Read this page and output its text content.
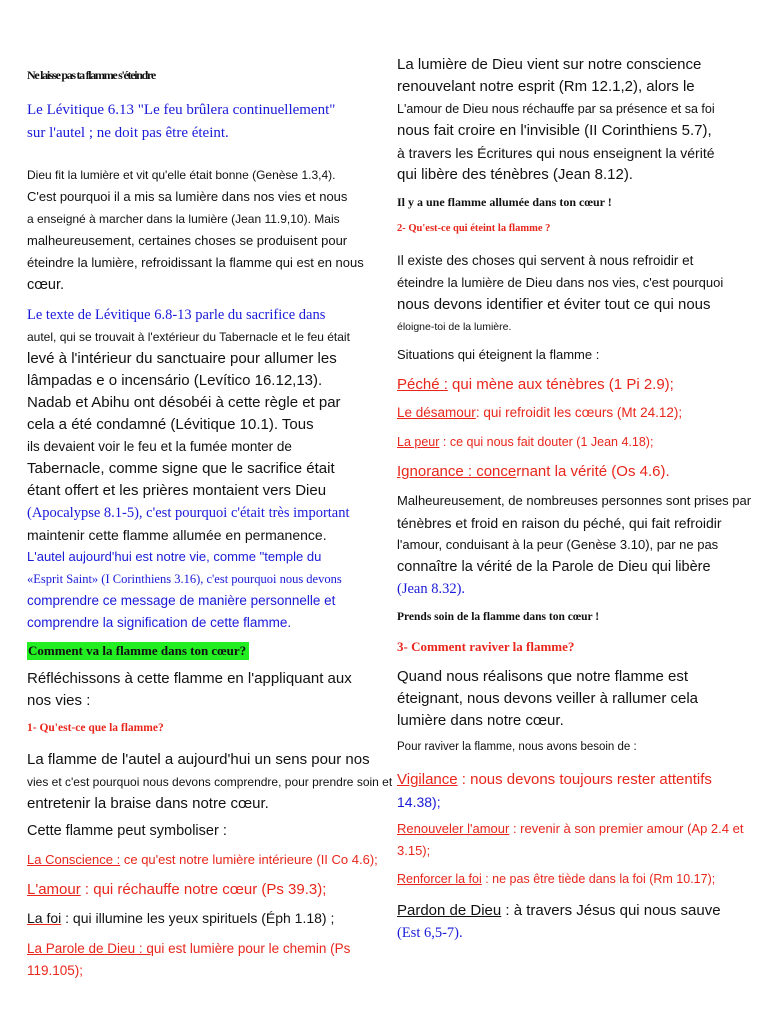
Ne laisse pas ta flamme s'éteindre
Le Lévitique 6.13 "Le feu brûlera continuellement"
sur l'autel ; ne doit pas être éteint.
Dieu fit la lumière et vit qu'elle était bonne (Genèse 1.3,4).
C'est pourquoi il a mis sa lumière dans nos vies et nous
a enseigné à marcher dans la lumière (Jean 11.9,10). Mais
malheureusement, certaines choses se produisent pour
éteindre la lumière, refroidissant la flamme qui est en nous
cœur.
Le texte de Lévitique 6.8-13 parle du sacrifice dans
autel, qui se trouvait à l'extérieur du Tabernacle et le feu était
levé à l'intérieur du sanctuaire pour allumer les
lâmpadas e o incensário (Levítico 16.12,13).
Nadab et Abihu ont désobéi à cette règle et par
cela a été condamné (Lévitique 10.1). Tous
ils devaient voir le feu et la fumée monter de
Tabernacle, comme signe que le sacrifice était
étant offert et les prières montaient vers Dieu
(Apocalypse 8.1-5), c'est pourquoi c'était très important
maintenir cette flamme allumée en permanence.
L'autel aujourd'hui est notre vie, comme "temple du
«Esprit Saint» (I Corinthiens 3.16), c'est pourquoi nous devons
comprendre ce message de manière personnelle et
comprendre la signification de cette flamme.
Comment va la flamme dans ton cœur?
Réfléchissons à cette flamme en l'appliquant aux
nos vies :
1- Qu'est-ce que la flamme?
La flamme de l'autel a aujourd'hui un sens pour nos
vies et c'est pourquoi nous devons comprendre, pour prendre soin et
entretenir la braise dans notre cœur.
Cette flamme peut symboliser :
La Conscience : ce qu'est notre lumière intérieure (II Co 4.6);
L'amour : qui réchauffe notre cœur (Ps 39.3);
La foi : qui illumine les yeux spirituels (Éph 1.18) ;
La Parole de Dieu : qui est lumière pour le chemin (Ps
119.105);
La lumière de Dieu vient sur notre conscience
renouvelant notre esprit (Rm 12.1,2), alors le
L'amour de Dieu nous réchauffe par sa présence et sa foi
nous fait croire en l'invisible (II Corinthiens 5.7),
à travers les Écritures qui nous enseignent la vérité
qui libère des ténèbres (Jean 8.12).
Il y a une flamme allumée dans ton cœur !
2- Qu'est-ce qui éteint la flamme ?
Il existe des choses qui servent à nous refroidir et
éteindre la lumière de Dieu dans nos vies, c'est pourquoi
nous devons identifier et éviter tout ce qui nous
éloigne-toi de la lumière.
Situations qui éteignent la flamme :
Péché : qui mène aux ténèbres (1 Pi 2.9);
Le désamour: qui refroidit les cœurs (Mt 24.12);
La peur : ce qui nous fait douter (1 Jean 4.18);
Ignorance : concernant la vérité (Os 4.6).
Malheureusement, de nombreuses personnes sont prises par
ténèbres et froid en raison du péché, qui fait refroidir
l'amour, conduisant à la peur (Genèse 3.10), par ne pas
connaître la vérité de la Parole de Dieu qui libère
(Jean 8.32).
Prends soin de la flamme dans ton cœur !
3- Comment raviver la flamme?
Quand nous réalisons que notre flamme est
éteignant, nous devons veiller à rallumer cela
lumière dans notre cœur.
Pour raviver la flamme, nous avons besoin de :
Vigilance : nous devons toujours rester attentifs
14.38);
Renouveler l'amour : revenir à son premier amour (Ap 2.4 et
3.15);
Renforcer la foi : ne pas être tiède dans la foi (Rm 10.17);
Pardon de Dieu : à travers Jésus qui nous sauve
(Est 6,5-7).
